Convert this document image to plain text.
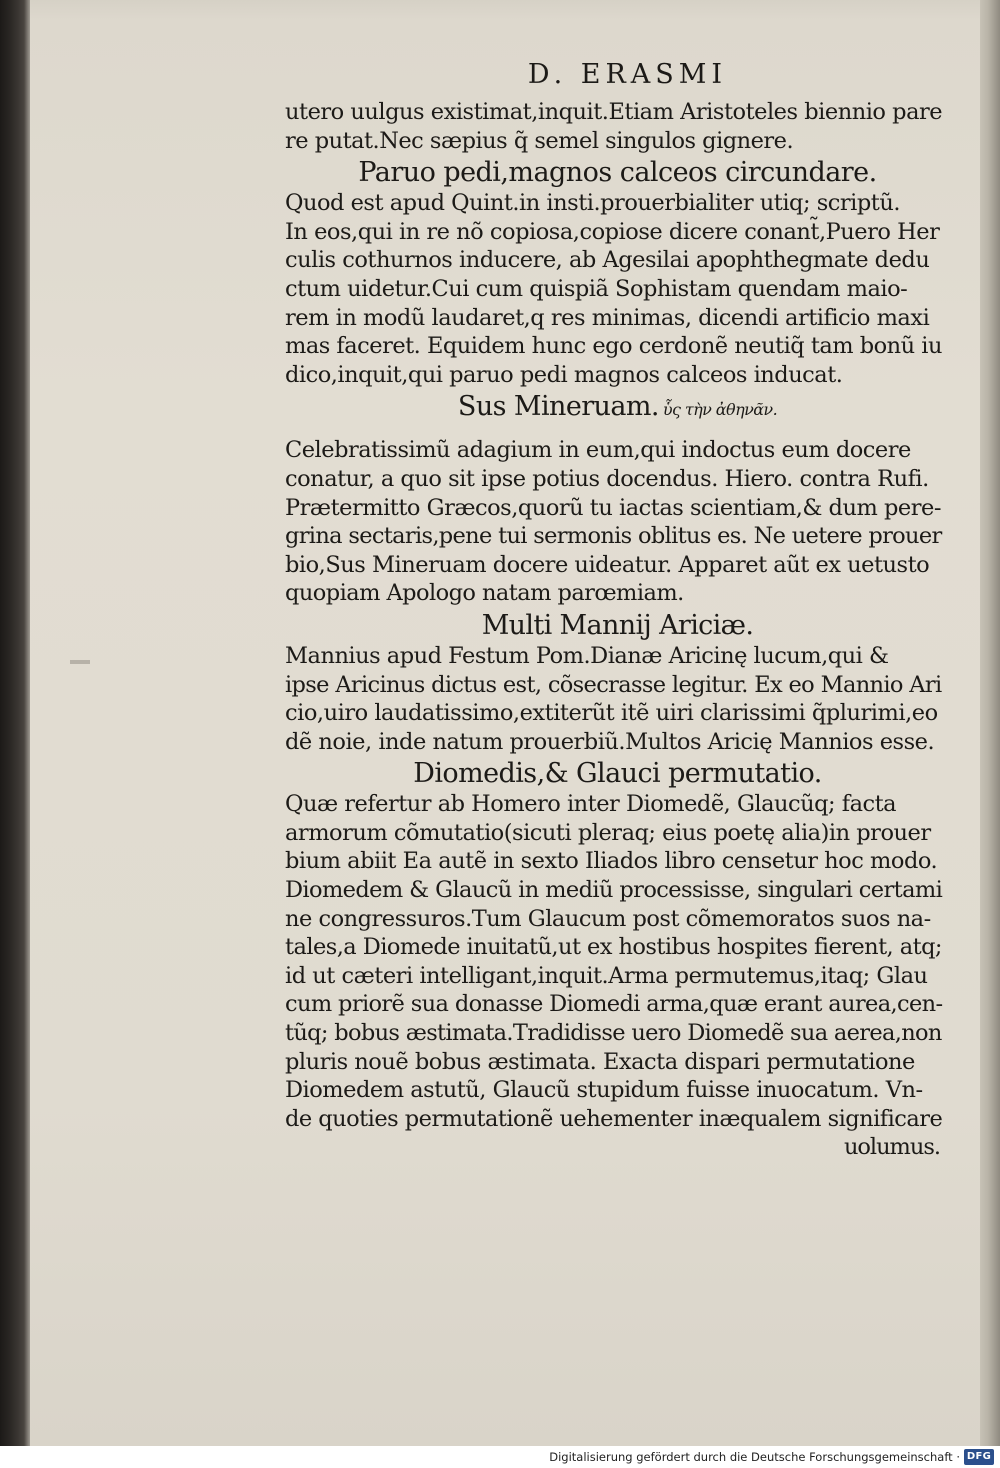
D. ERASMI
utero uulgus existimat,inquit.Etiam Aristoteles biennio pare
re putat.Nec sæpius q̃ semel singulos gignere.
Paruo pedi,magnos calceos circundare.
Quod est apud Quint.in insti.prouerbialiter utiq; scriptũ.
In eos,qui in re nõ copiosa,copiose dicere conant̃,Puero Her
culis cothurnos inducere, ab Agesilai apophthegmate dedu
ctum uidetur.Cui cum quispiã Sophistam quendam maio-
rem in modũ laudaret,q res minimas, dicendi artificio maxi
mas faceret. Equidem hunc ego cerdonẽ neutiq̃ tam bonũ iu
dico,inquit,qui paruo pedi magnos calceos inducat.
Sus Mineruam. ὗς τὴν ἀθηνᾶν.
Celebratissimũ adagium in eum,qui indoctus eum docere
conatur, a quo sit ipse potius docendus. Hiero. contra Rufi.
Prætermitto Græcos,quorũ tu iactas scientiam,& dum pere-
grina sectaris,pene tui sermonis oblitus es. Ne uetere prouer
bio,Sus Mineruam docere uideatur. Apparet aũt ex uetusto
quopiam Apologo natam parœmiam.
Multi Mannij Ariciæ.
Mannius apud Festum Pom.Dianæ Aricinę lucum,qui &
ipse Aricinus dictus est, cõsecrasse legitur. Ex eo Mannio Ari
cio,uiro laudatissimo,extiterũt itẽ uiri clarissimi q̃plurimi,eo
dẽ noie, inde natum prouerbiũ.Multos Aricię Mannios esse.
Diomedis,& Glauci permutatio.
Quæ refertur ab Homero inter Diomedẽ, Glaucũq; facta
armorum cõmutatio(sicuti pleraq; eius poetę alia)in prouer
bium abiit Ea autẽ in sexto Iliados libro censetur hoc modo.
Diomedem & Glaucũ in mediũ processisse, singulari certami
ne congressuros.Tum Glaucum post cõmemoratos suos na-
tales,a Diomede inuitatũ,ut ex hostibus hospites fierent, atq;
id ut cæteri intelligant,inquit.Arma permutemus,itaq; Glau
cum priorẽ sua donasse Diomedi arma,quæ erant aurea,cen-
tũq; bobus æstimata.Tradidisse uero Diomedẽ sua aerea,non
pluris nouẽ bobus æstimata. Exacta dispari permutatione
Diomedem astutũ, Glaucũ stupidum fuisse inuocatum. Vn-
de quoties permutationẽ uehementer inæqualem significare
uolumus.
Digitalisierung gefördert durch die Deutsche Forschungsgemeinschaft · DFG
